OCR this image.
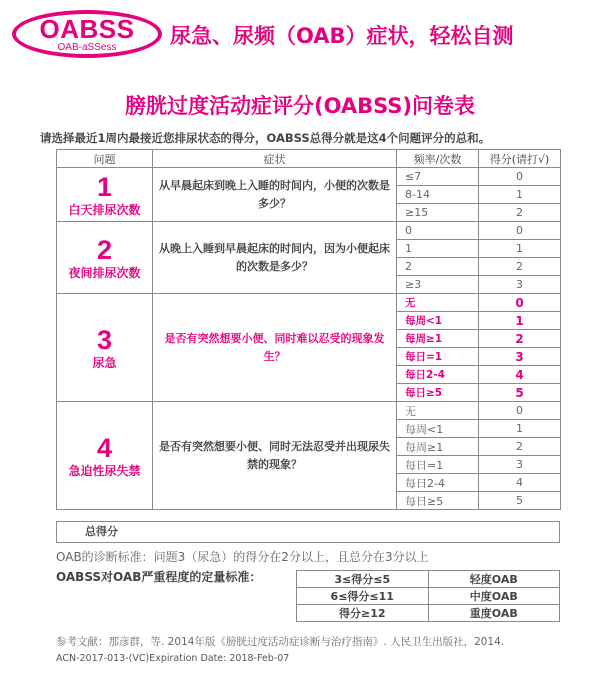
OABSS
OAB-aSSess	尿急、尿频（OAB）症状，轻松自测
膀胱过度活动症评分(OABSS)问卷表
请选择最近1周内最接近您排尿状态的得分，OABSS总得分就是这4个问题评分的总和。
问题	症状	频率/次数	得分(请打√)

1
白天排尿次数	从早晨起床到晚上入睡的时间内，小便的次数是多少？	≤7	0
		8-14	1
		≥15	2

2
夜间排尿次数	从晚上入睡到早晨起床的时间内，因为小便起床的次数是多少？	0	0
		1	1
		2	2
		≥3	3

3
尿急	是否有突然想要小便、同时难以忍受的现象发生？	无	0
		每周<1	1
		每周≥1	2
		每日=1	3
		每日2-4	4
		每日≥5	5

4
急迫性尿失禁	是否有突然想要小便、同时无法忍受并出现尿失禁的现象？	无	0
		每周<1	1
		每周≥1	2
		每日=1	3
		每日2-4	4
		每日≥5	5
总得分
OAB的诊断标准：问题3（尿急）的得分在2分以上，且总分在3分以上
OABSS对OAB严重程度的定量标准：	3≤得分≤5	轻度OAB
6≤得分≤11	中度OAB
得分≥12	重度OAB
参考文献：那彦群，等. 2014年版《膀胱过度活动症诊断与治疗指南》. 人民卫生出版社，2014.
ACN-2017-013-(VC)Expiration Date: 2018-Feb-07
